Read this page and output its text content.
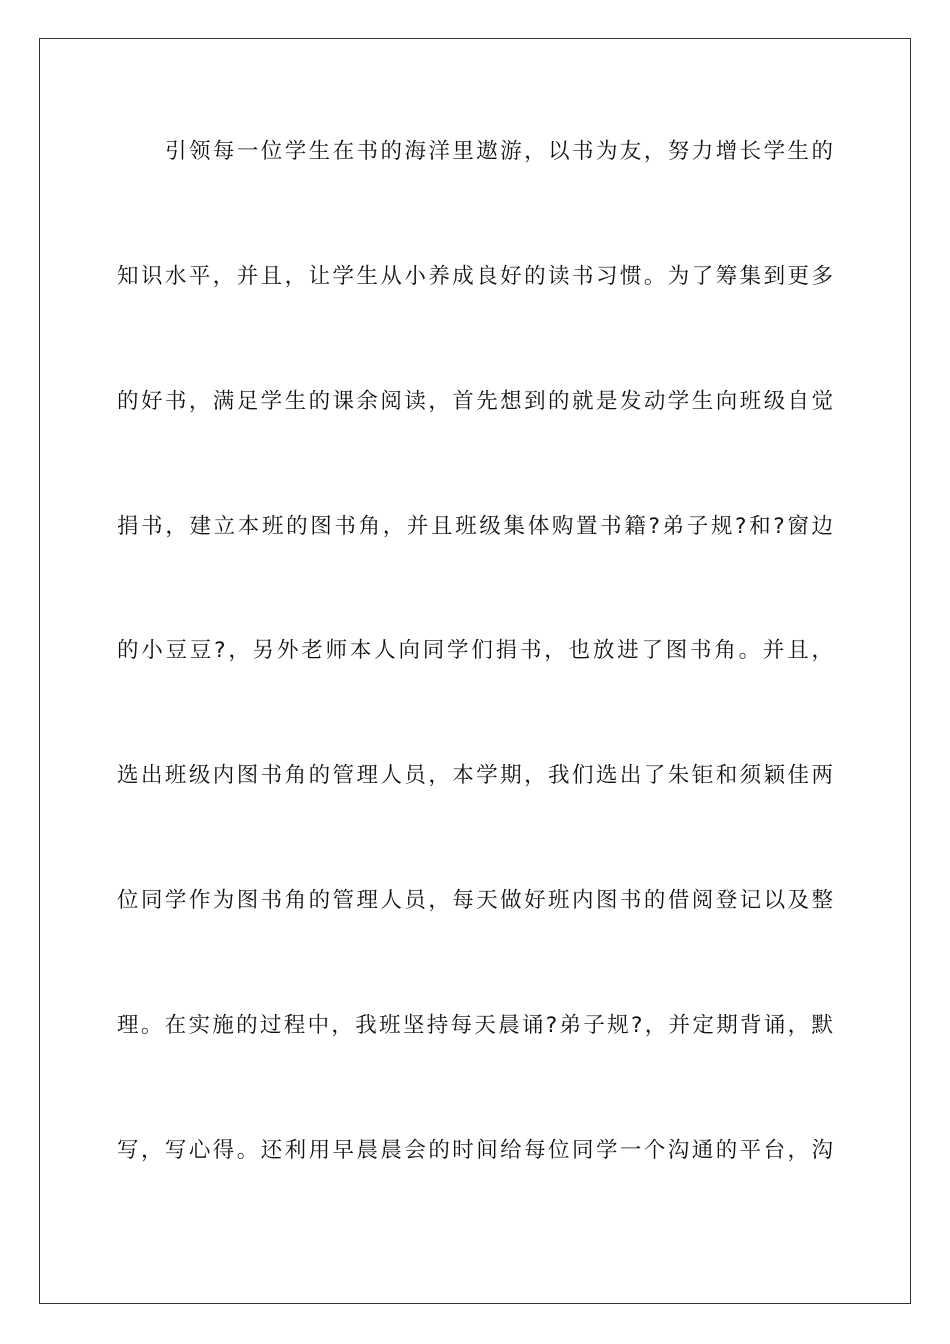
引领每一位学生在书的海洋里遨游，以书为友，努力增长学生的
知识水平，并且，让学生从小养成良好的读书习惯。为了筹集到更多
的好书，满足学生的课余阅读，首先想到的就是发动学生向班级自觉
捐书，建立本班的图书角，并且班级集体购置书籍?弟子规?和?窗边
的小豆豆?，另外老师本人向同学们捐书，也放进了图书角。并且，
选出班级内图书角的管理人员，本学期，我们选出了朱钜和须颖佳两
位同学作为图书角的管理人员，每天做好班内图书的借阅登记以及整
理。在实施的过程中，我班坚持每天晨诵?弟子规?，并定期背诵，默
写，写心得。还利用早晨晨会的时间给每位同学一个沟通的平台，沟
